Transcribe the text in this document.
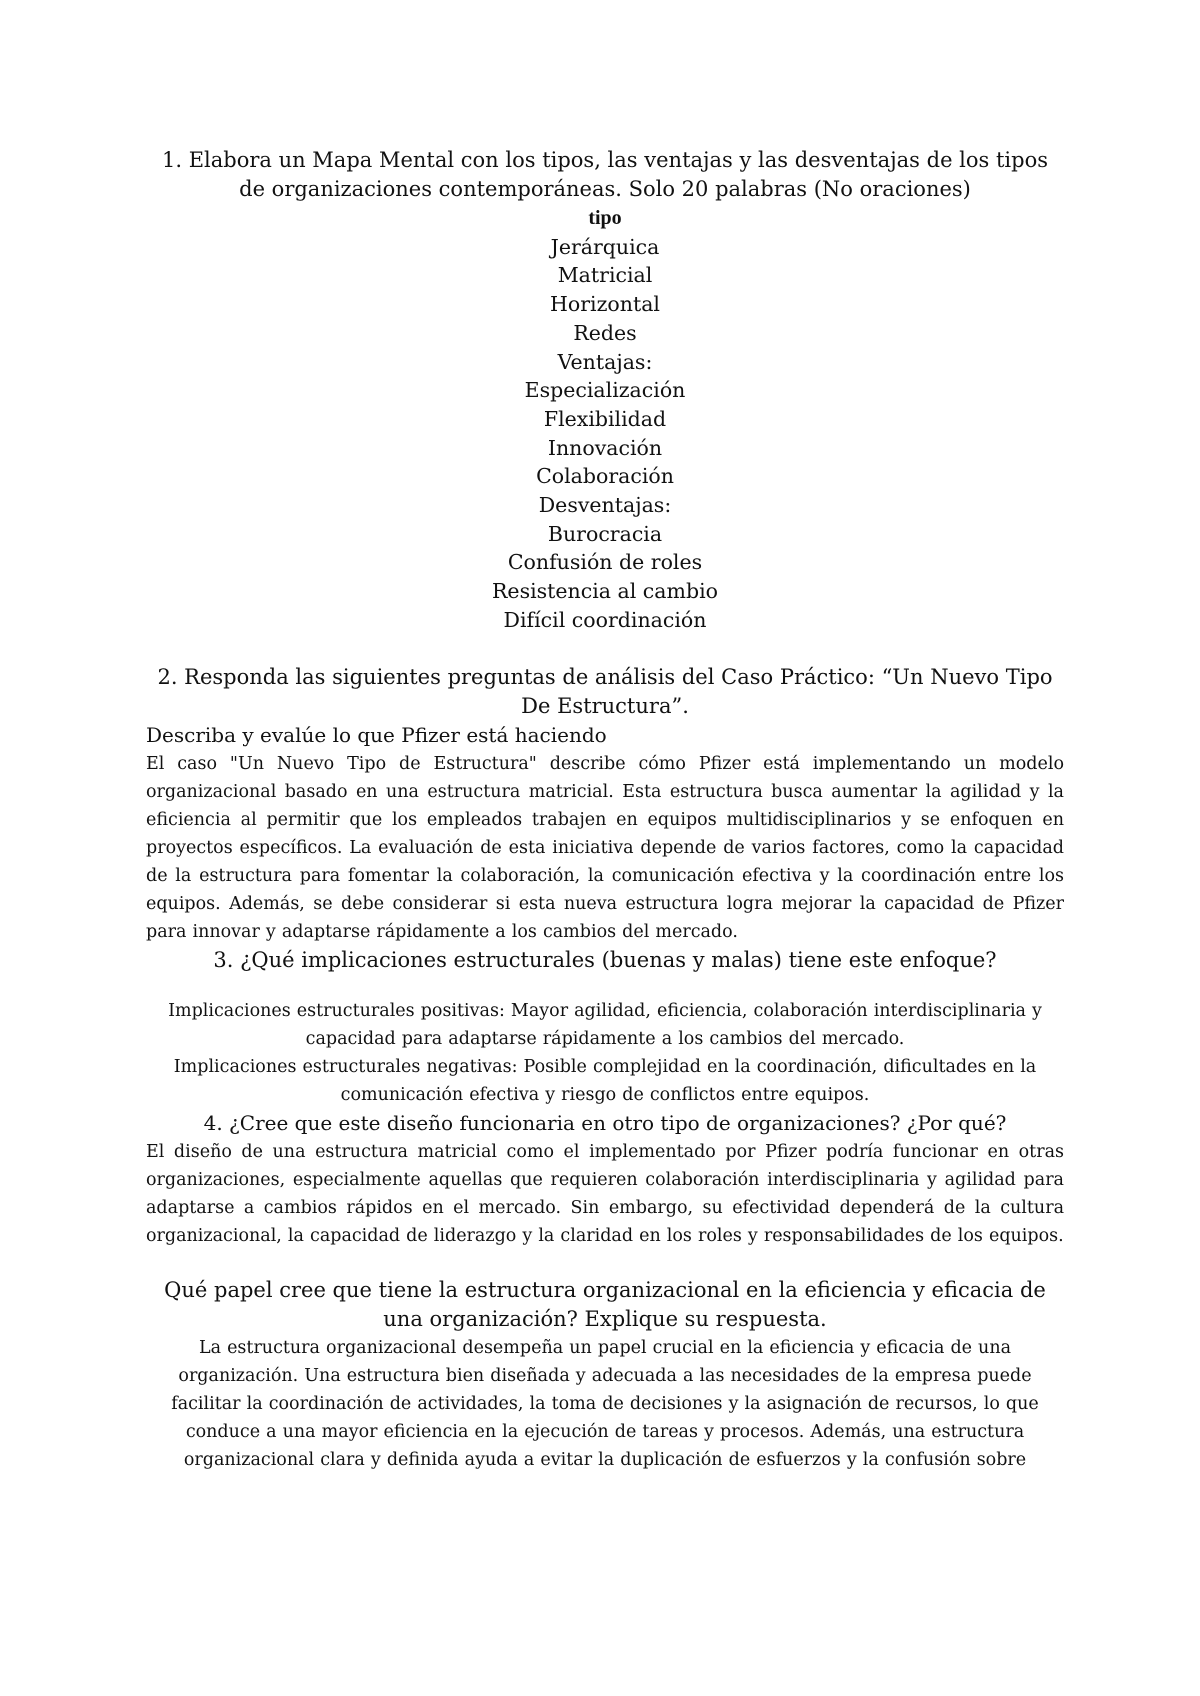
1. Elabora un Mapa Mental con los tipos, las ventajas y las desventajas de los tipos de organizaciones contemporáneas. Solo 20 palabras (No oraciones)

tipo
Jerárquica
Matricial
Horizontal
Redes
Ventajas:
Especialización
Flexibilidad
Innovación
Colaboración
Desventajas:
Burocracia
Confusión de roles
Resistencia al cambio
Difícil coordinación

2. Responda las siguientes preguntas de análisis del Caso Práctico: “Un Nuevo Tipo De Estructura”.

Describa y evalúe lo que Pfizer está haciendo

El caso "Un Nuevo Tipo de Estructura" describe cómo Pfizer está implementando un modelo organizacional basado en una estructura matricial. Esta estructura busca aumentar la agilidad y la eficiencia al permitir que los empleados trabajen en equipos multidisciplinarios y se enfoquen en proyectos específicos. La evaluación de esta iniciativa depende de varios factores, como la capacidad de la estructura para fomentar la colaboración, la comunicación efectiva y la coordinación entre los equipos. Además, se debe considerar si esta nueva estructura logra mejorar la capacidad de Pfizer para innovar y adaptarse rápidamente a los cambios del mercado.

3. ¿Qué implicaciones estructurales (buenas y malas) tiene este enfoque?

Implicaciones estructurales positivas: Mayor agilidad, eficiencia, colaboración interdisciplinaria y capacidad para adaptarse rápidamente a los cambios del mercado.

Implicaciones estructurales negativas: Posible complejidad en la coordinación, dificultades en la comunicación efectiva y riesgo de conflictos entre equipos.

4. ¿Cree que este diseño funcionaria en otro tipo de organizaciones? ¿Por qué?

El diseño de una estructura matricial como el implementado por Pfizer podría funcionar en otras organizaciones, especialmente aquellas que requieren colaboración interdisciplinaria y agilidad para adaptarse a cambios rápidos en el mercado. Sin embargo, su efectividad dependerá de la cultura organizacional, la capacidad de liderazgo y la claridad en los roles y responsabilidades de los equipos.

Qué papel cree que tiene la estructura organizacional en la eficiencia y eficacia de una organización? Explique su respuesta.

La estructura organizacional desempeña un papel crucial en la eficiencia y eficacia de una organización. Una estructura bien diseñada y adecuada a las necesidades de la empresa puede facilitar la coordinación de actividades, la toma de decisiones y la asignación de recursos, lo que conduce a una mayor eficiencia en la ejecución de tareas y procesos. Además, una estructura organizacional clara y definida ayuda a evitar la duplicación de esfuerzos y la confusión sobre
